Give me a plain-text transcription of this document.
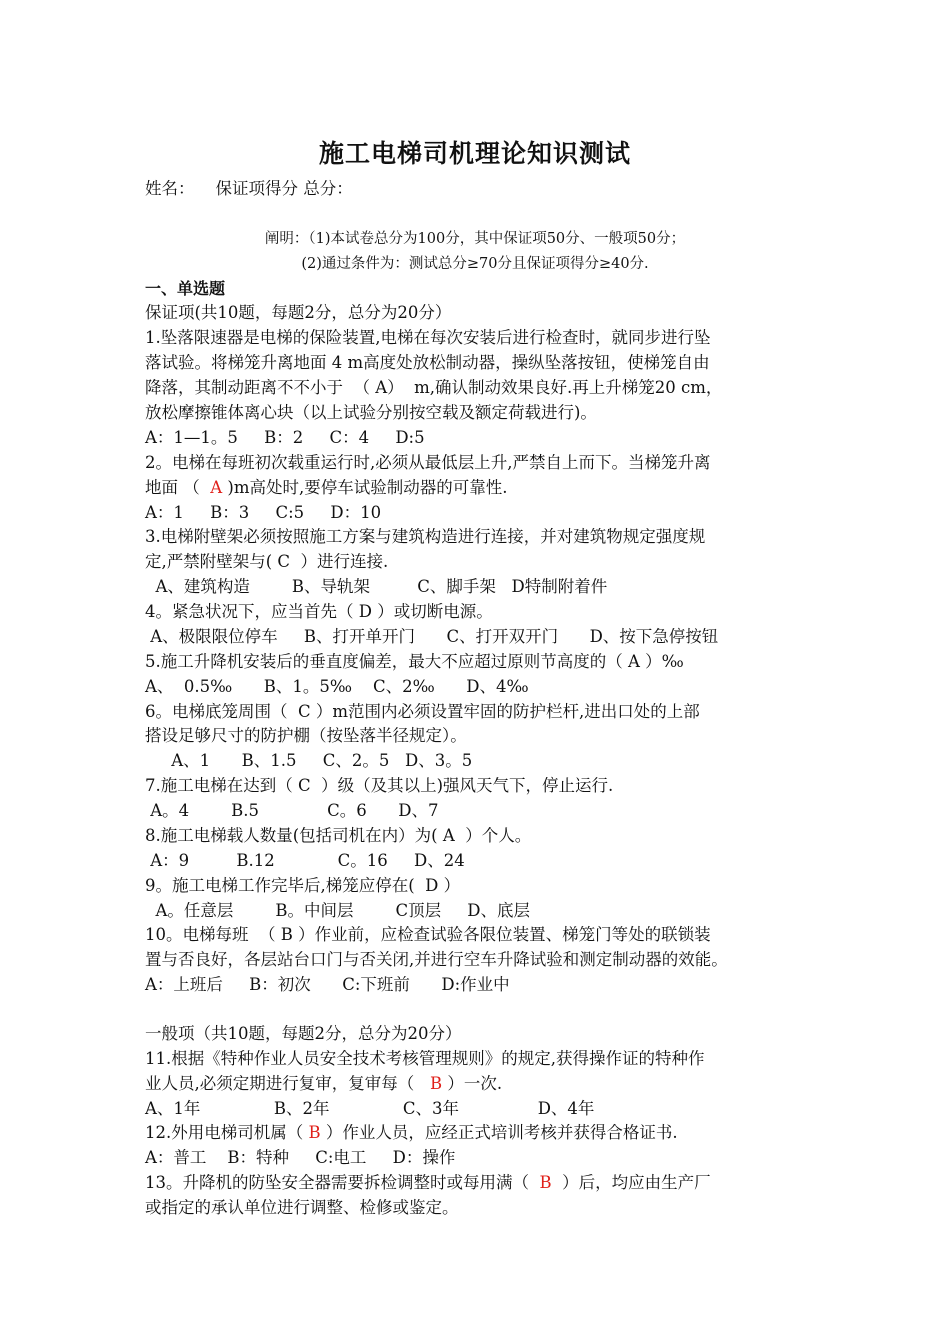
施工电梯司机理论知识测试
姓名：    保证项得分 总分：
阐明：（1)本试卷总分为100分，其中保证项50分、一般项50分；
(2)通过条件为：测试总分≥70分且保证项得分≥40分.
一、单选题
保证项(共10题，每题2分，总分为20分）
1.坠落限速器是电梯的保险装置,电梯在每次安装后进行检查时，就同步进行坠
落试验。将梯笼升离地面 4 m高度处放松制动器，操纵坠落按钮，使梯笼自由
降落，其制动距离不不小于  （ A）  m,确认制动效果良好.再上升梯笼20 cm，
放松摩擦锥体离心块（以上试验分别按空载及额定荷载进行)。
A：1—1。5     B：2     C：4     D:5
2。电梯在每班初次载重运行时,必须从最低层上升,严禁自上而下。当梯笼升离
地面 （  A )m高处时,要停车试验制动器的可靠性.
A：1     B：3     C:5     D：10
3.电梯附壁架必须按照施工方案与建筑构造进行连接，并对建筑物规定强度规
定,严禁附壁架与( C  ）进行连接.
A、建筑构造        B、导轨架         C、脚手架   D特制附着件
4。紧急状况下，应当首先（ D ）或切断电源。
A、极限限位停车     B、打开单开门      C、打开双开门      D、按下急停按钮
5.施工升降机安装后的垂直度偏差，最大不应超过原则节高度的（ A ）‰
A、  0.5‰      B、1。5‰    C、2‰      D、4‰
6。电梯底笼周围（  C ）m范围内必须设置牢固的防护栏杆,进出口处的上部
搭设足够尺寸的防护棚（按坠落半径规定）。
A、1      B、1.5     C、2。5   D、3。5
7.施工电梯在达到（ C  ）级（及其以上)强风天气下，停止运行.
A。4        B.5             C。6      D、7
8.施工电梯载人数量(包括司机在内）为( A  ）个人。
A：9         B.12            C。16     D、24
9。施工电梯工作完毕后,梯笼应停在(  D ）
A。任意层        B。中间层        C顶层     D、底层
10。电梯每班  （ B ）作业前，应检查试验各限位装置、梯笼门等处的联锁装
置与否良好，各层站台口门与否关闭,并进行空车升降试验和测定制动器的效能。
A：上班后     B：初次      C:下班前      D:作业中
一般项（共10题，每题2分，总分为20分）
11.根据《特种作业人员安全技术考核管理规则》的规定,获得操作证的特种作
业人员,必须定期进行复审，复审每（   B ）一次.
A、1年              B、2年              C、3年               D、4年
12.外用电梯司机属（ B ）作业人员，应经正式培训考核并获得合格证书.
A：普工    B：特种     C:电工     D：操作
13。升降机的防坠安全器需要拆检调整时或每用满（  B  ）后，均应由生产厂
或指定的承认单位进行调整、检修或鉴定。
